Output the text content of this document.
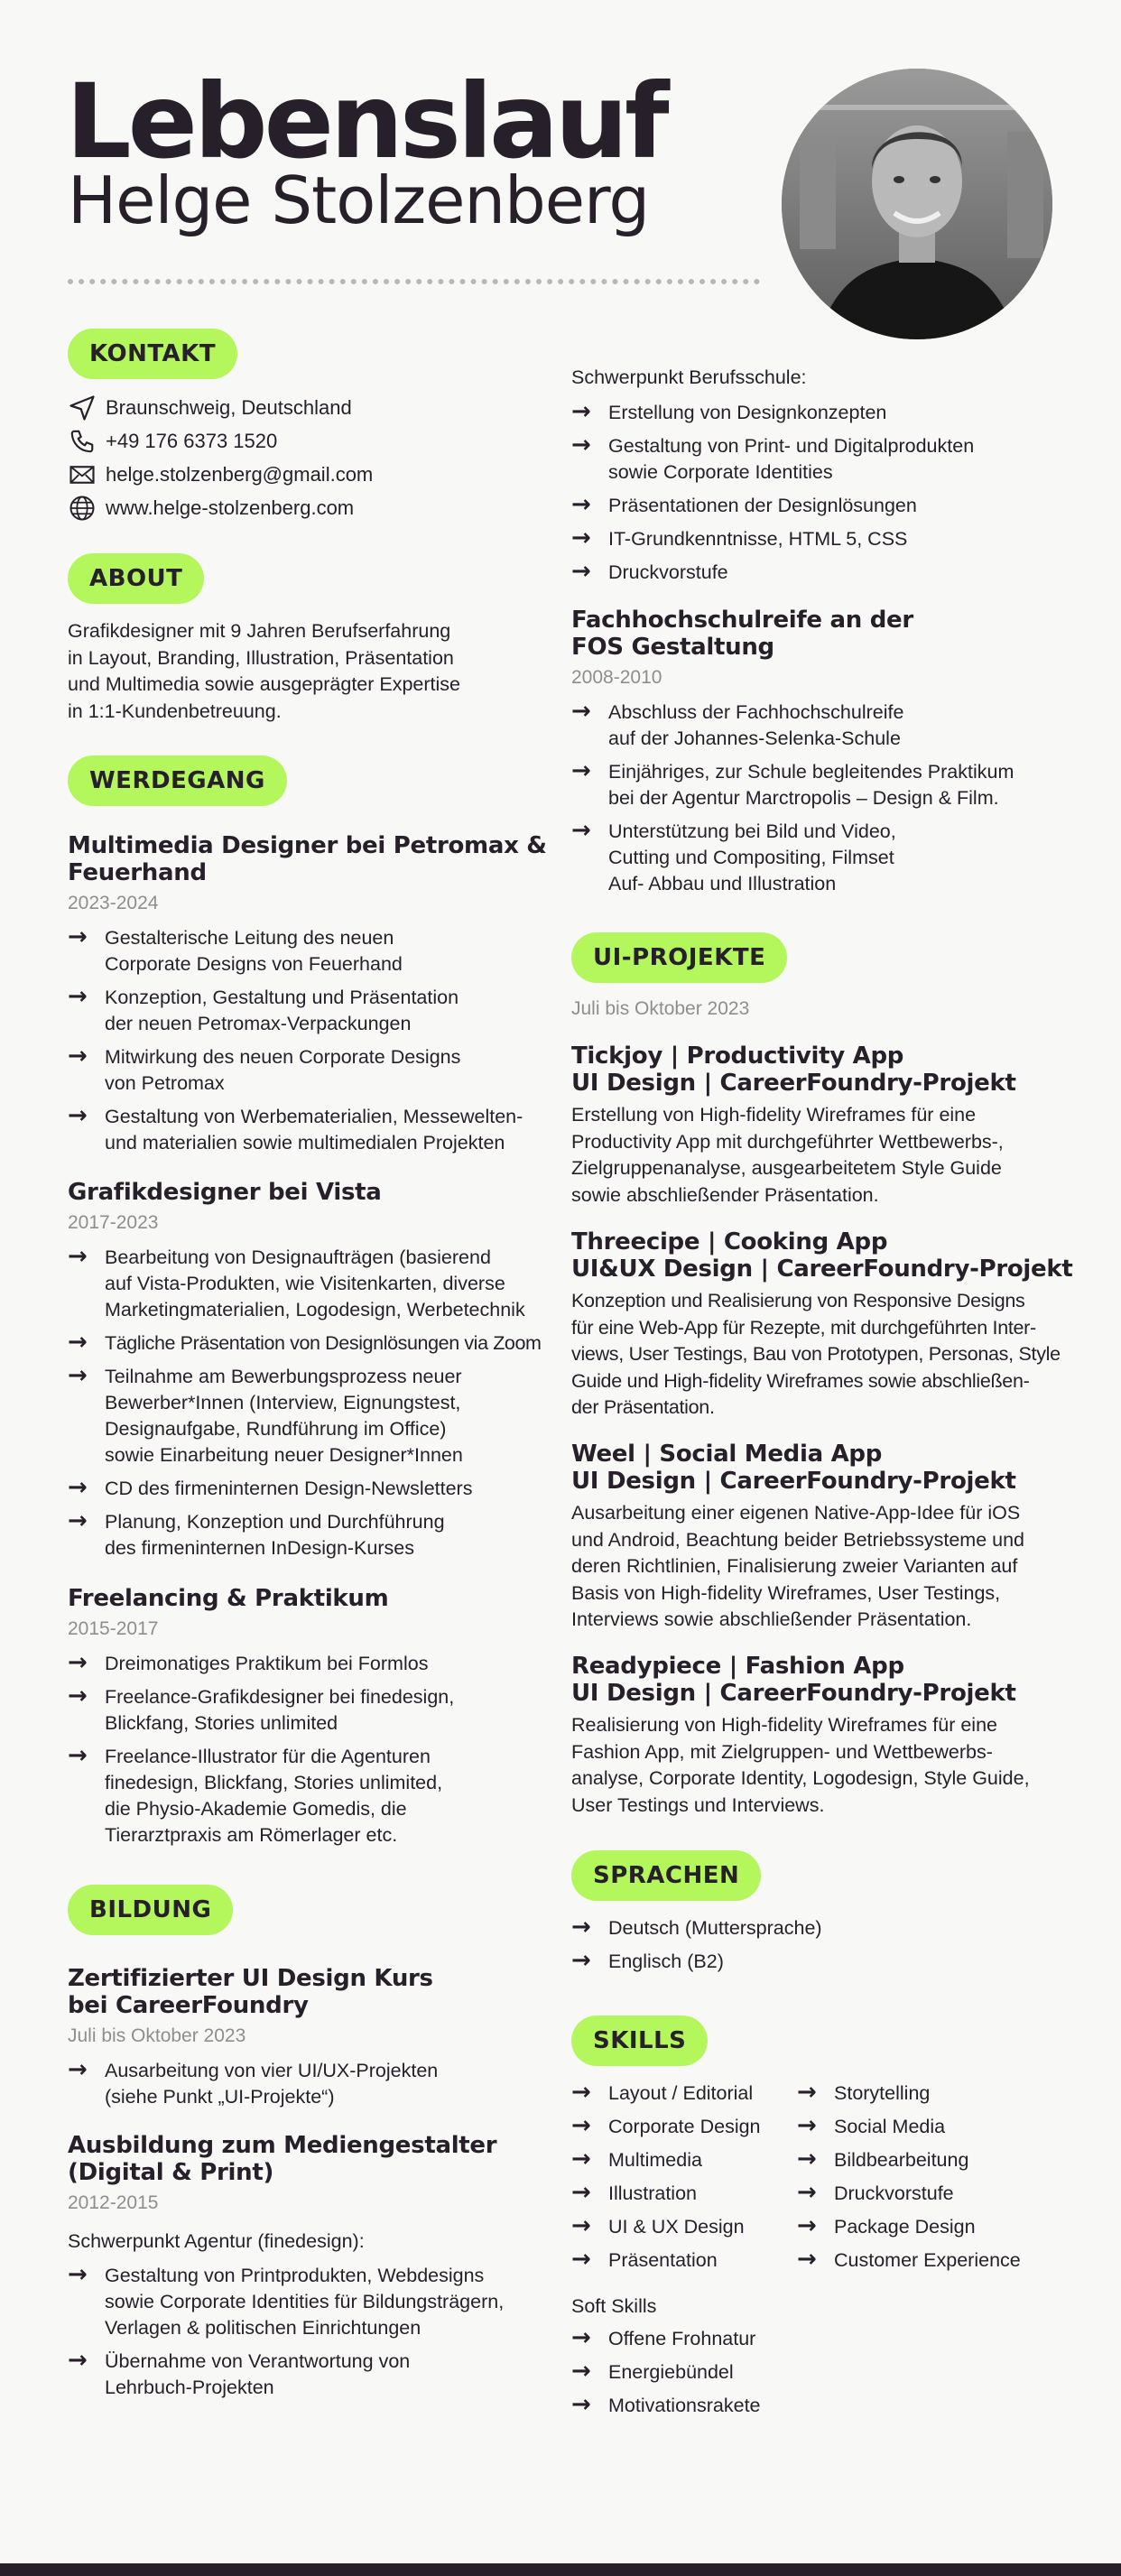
Lebenslauf
Helge Stolzenberg
KONTAKT
Braunschweig, Deutschland
+49 176 6373 1520
helge.stolzenberg@gmail.com
www.helge-stolzenberg.com
ABOUT
Grafikdesigner mit 9 Jahren Berufserfahrung
in Layout, Branding, Illustration, Präsentation
und Multimedia sowie ausgeprägter Expertise
in 1:1-Kundenbetreuung.
WERDEGANG
Multimedia Designer bei Petromax &
Feuerhand
2023-2024
→ Gestalterische Leitung des neuen
Corporate Designs von Feuerhand
→ Konzeption, Gestaltung und Präsentation
der neuen Petromax-Verpackungen
→ Mitwirkung des neuen Corporate Designs
von Petromax
→ Gestaltung von Werbematerialien, Messewelten-
und materialien sowie multimedialen Projekten
Grafikdesigner bei Vista
2017-2023
→ Bearbeitung von Designaufträgen (basierend
auf Vista-Produkten, wie Visitenkarten, diverse
Marketingmaterialien, Logodesign, Werbetechnik
→ Tägliche Präsentation von Designlösungen via Zoom
→ Teilnahme am Bewerbungsprozess neuer
Bewerber*Innen (Interview, Eignungstest,
Designaufgabe, Rundführung im Office)
sowie Einarbeitung neuer Designer*Innen
→ CD des firmeninternen Design-Newsletters
→ Planung, Konzeption und Durchführung
des firmeninternen InDesign-Kurses
Freelancing & Praktikum
2015-2017
→ Dreimonatiges Praktikum bei Formlos
→ Freelance-Grafikdesigner bei finedesign,
Blickfang, Stories unlimited
→ Freelance-Illustrator für die Agenturen
finedesign, Blickfang, Stories unlimited,
die Physio-Akademie Gomedis, die
Tierarztpraxis am Römerlager etc.
BILDUNG
Zertifizierter UI Design Kurs
bei CareerFoundry
Juli bis Oktober 2023
→ Ausarbeitung von vier UI/UX-Projekten
(siehe Punkt „UI-Projekte“)
Ausbildung zum Mediengestalter
(Digital & Print)
2012-2015
Schwerpunkt Agentur (finedesign):
→ Gestaltung von Printprodukten, Webdesigns
sowie Corporate Identities für Bildungsträgern,
Verlagen & politischen Einrichtungen
→ Übernahme von Verantwortung von
Lehrbuch-Projekten
Schwerpunkt Berufsschule:
→ Erstellung von Designkonzepten
→ Gestaltung von Print- und Digitalprodukten
sowie Corporate Identities
→ Präsentationen der Designlösungen
→ IT-Grundkenntnisse, HTML 5, CSS
→ Druckvorstufe
Fachhochschulreife an der
FOS Gestaltung
2008-2010
→ Abschluss der Fachhochschulreife
auf der Johannes-Selenka-Schule
→ Einjähriges, zur Schule begleitendes Praktikum
bei der Agentur Marctropolis – Design & Film.
→ Unterstützung bei Bild und Video,
Cutting und Compositing, Filmset
Auf- Abbau und Illustration
UI-PROJEKTE
Juli bis Oktober 2023
Tickjoy | Productivity App
UI Design | CareerFoundry-Projekt
Erstellung von High-fidelity Wireframes für eine
Productivity App mit durchgeführter Wettbewerbs-,
Zielgruppenanalyse, ausgearbeitetem Style Guide
sowie abschließender Präsentation.
Threecipe | Cooking App
UI&UX Design | CareerFoundry-Projekt
Konzeption und Realisierung von Responsive Designs
für eine Web-App für Rezepte, mit durchgeführten Inter-
views, User Testings, Bau von Prototypen, Personas, Style
Guide und High-fidelity Wireframes sowie abschließen-
der Präsentation.
Weel | Social Media App
UI Design | CareerFoundry-Projekt
Ausarbeitung einer eigenen Native-App-Idee für iOS
und Android, Beachtung beider Betriebssysteme und
deren Richtlinien, Finalisierung zweier Varianten auf
Basis von High-fidelity Wireframes, User Testings,
Interviews sowie abschließender Präsentation.
Readypiece | Fashion App
UI Design | CareerFoundry-Projekt
Realisierung von High-fidelity Wireframes für eine
Fashion App, mit Zielgruppen- und Wettbewerbs-
analyse, Corporate Identity, Logodesign, Style Guide,
User Testings und Interviews.
SPRACHEN
→ Deutsch (Muttersprache)
→ Englisch (B2)
SKILLS
→ Layout / Editorial
→ Corporate Design
→ Multimedia
→ Illustration
→ UI & UX Design
→ Präsentation
→ Storytelling
→ Social Media
→ Bildbearbeitung
→ Druckvorstufe
→ Package Design
→ Customer Experience
Soft Skills
→ Offene Frohnatur
→ Energiebündel
→ Motivationsrakete
